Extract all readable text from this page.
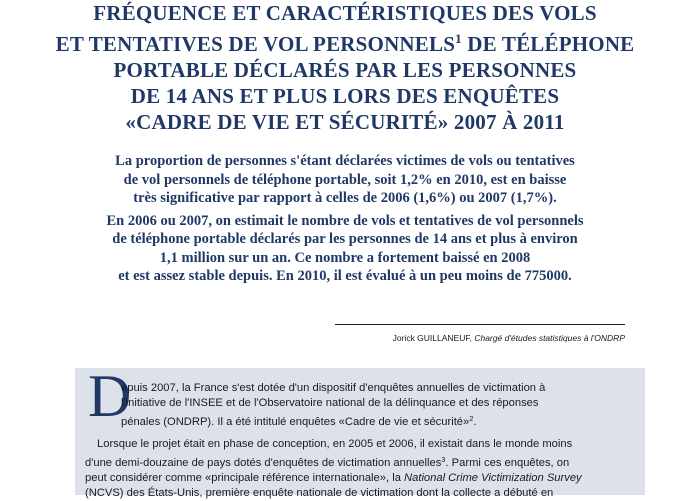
FRÉQUENCE ET CARACTÉRISTIQUES DES VOLS
ET TENTATIVES DE VOL PERSONNELS$^1$ DE TÉLÉPHONE
PORTABLE DÉCLARÉS PAR LES PERSONNES
DE 14 ANS ET PLUS LORS DES ENQUÊTES
«CADRE DE VIE ET SÉCURITÉ» 2007 À 2011
La proportion de personnes s'étant déclarées victimes de vols ou tentatives
de vol personnels de téléphone portable, soit 1,2% en 2010, est en baisse
très significative par rapport à celles de 2006 (1,6%) ou 2007 (1,7%).
En 2006 ou 2007, on estimait le nombre de vols et tentatives de vol personnels
de téléphone portable déclarés par les personnes de 14 ans et plus à environ
1,1 million sur un an. Ce nombre a fortement baissé en 2008
et est assez stable depuis. En 2010, il est évalué à un peu moins de 775000.
Jorick GUILLANEUF, Chargé d'études statistiques à l'ONDRP
D
epuis 2007, la France s'est dotée d'un dispositif d'enquêtes annuelles de victimation à
l'initiative de l'INSEE et de l'Observatoire national de la délinquance et des réponses
pénales (ONDRP). Il a été intitulé enquêtes «Cadre de vie et sécurité»$^2$.
Lorsque le projet était en phase de conception, en 2005 et 2006, il existait dans le monde moins
d'une demi-douzaine de pays dotés d'enquêtes de victimation annuelles$^3$. Parmi ces enquêtes, on
peut considérer comme «principale référence internationale», la National Crime Victimization Survey
(NCVS) des États-Unis, première enquête nationale de victimation dont la collecte a débuté en
